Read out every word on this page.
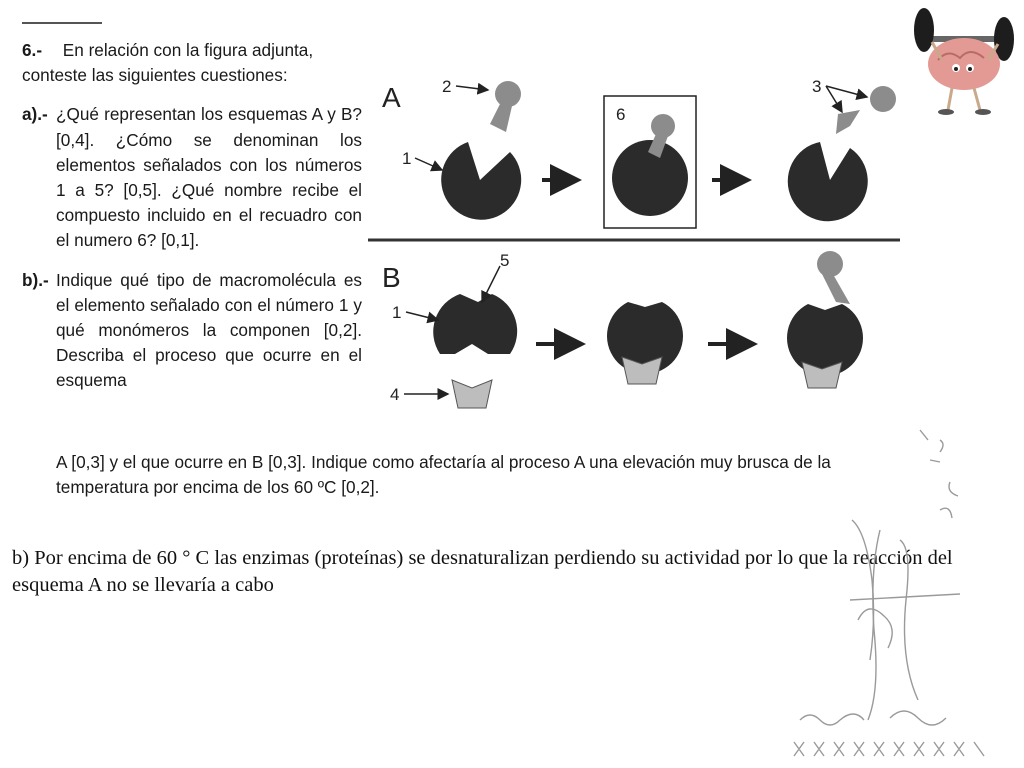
6.- En relación con la figura adjunta, conteste las siguientes cuestiones:
a).- ¿Qué representan los esquemas A y B? [0,4]. ¿Cómo se denominan los elementos señalados con los números 1 a 5? [0,5]. ¿Qué nombre recibe el compuesto incluido en el recuadro con el numero 6? [0,1].
b).- Indique qué tipo de macromolécula es el elemento señalado con el número 1 y qué monómeros la componen [0,2]. Describa el proceso que ocurre en el esquema
A [0,3] y el que ocurre en B [0,3]. Indique como afectaría al proceso A una elevación muy brusca de la temperatura por encima de los 60 ºC [0,2].
A
B
1
2
6
3
1
5
4
b) Por encima de 60 ° C las enzimas (proteínas) se desnaturalizan perdiendo su actividad por lo que la reacción del esquema A no se llevaría a cabo
